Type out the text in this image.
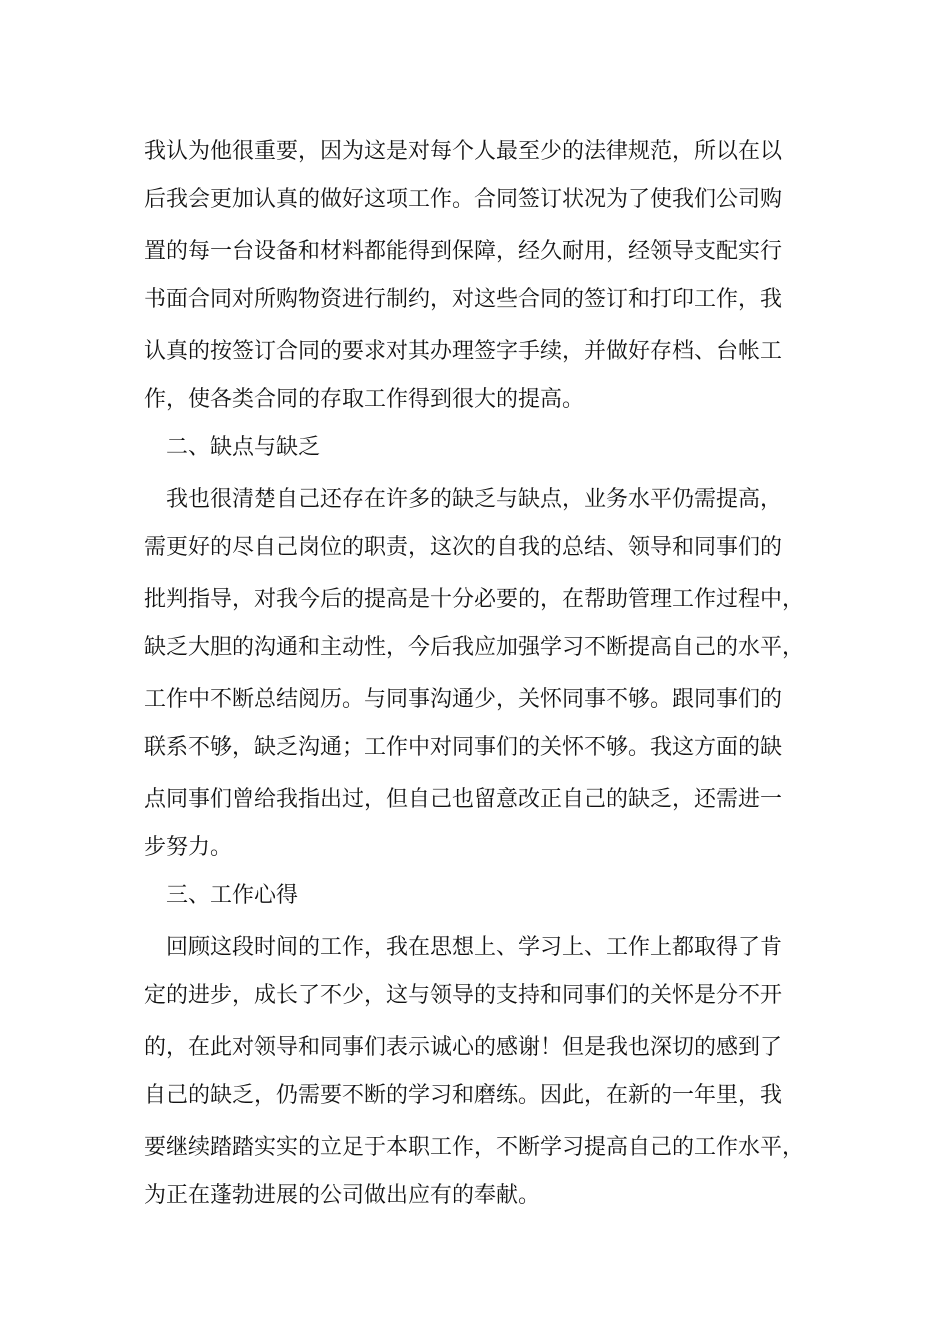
我认为他很重要，因为这是对每个人最至少的法律规范，所以在以
后我会更加认真的做好这项工作。合同签订状况为了使我们公司购
置的每一台设备和材料都能得到保障，经久耐用，经领导支配实行
书面合同对所购物资进行制约，对这些合同的签订和打印工作，我
认真的按签订合同的要求对其办理签字手续，并做好存档、台帐工
作，使各类合同的存取工作得到很大的提高。
二、缺点与缺乏
我也很清楚自己还存在许多的缺乏与缺点，业务水平仍需提高，
需更好的尽自己岗位的职责，这次的自我的总结、领导和同事们的
批判指导，对我今后的提高是十分必要的，在帮助管理工作过程中，
缺乏大胆的沟通和主动性，今后我应加强学习不断提高自己的水平，
工作中不断总结阅历。与同事沟通少，关怀同事不够。跟同事们的
联系不够，缺乏沟通；工作中对同事们的关怀不够。我这方面的缺
点同事们曾给我指出过，但自己也留意改正自己的缺乏，还需进一
步努力。
三、工作心得
回顾这段时间的工作，我在思想上、学习上、工作上都取得了肯
定的进步，成长了不少，这与领导的支持和同事们的关怀是分不开
的，在此对领导和同事们表示诚心的感谢！但是我也深切的感到了
自己的缺乏，仍需要不断的学习和磨练。因此，在新的一年里，我
要继续踏踏实实的立足于本职工作，不断学习提高自己的工作水平，
为正在蓬勃进展的公司做出应有的奉献。
